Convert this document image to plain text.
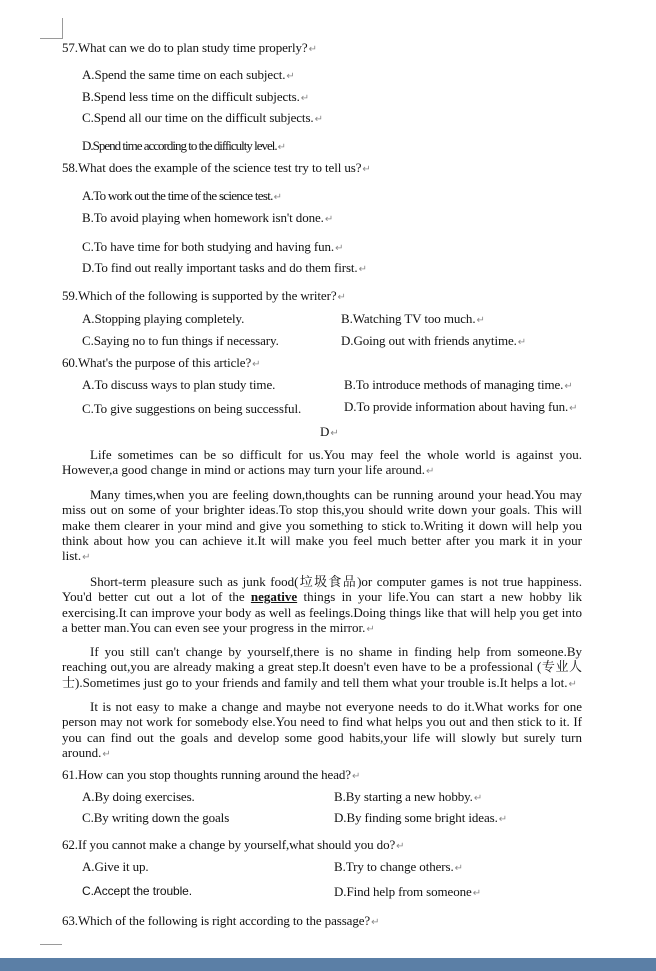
57.What can we do to plan study time properly?↵
A.Spend the same time on each subject.↵
B.Spend less time on the difficult subjects.↵
C.Spend all our time on the difficult subjects.↵
D.Spend time according to the difficulty level.↵
58.What does the example of the science test try to tell us?↵
A.To work out the time of the science test.↵
B.To avoid playing when homework isn't done.↵
C.To have time for both studying and having fun.↵
D.To find out really important tasks and do them first.↵
59.Which of the following is supported by the writer?↵
A.Stopping playing completely.	B.Watching TV too much.↵
C.Saying no to fun things if necessary.	D.Going out with friends anytime.↵
60.What's the purpose of this article?↵
A.To discuss ways to plan study time.	B.To introduce methods of managing time.↵
C.To give suggestions on being successful.	D.To provide information about having fun.↵
D↵
Life sometimes can be so difficult for us.You may feel the whole world is against you. However,a good change in mind or actions may turn your life around.↵
Many times,when you are feeling down,thoughts can be running around your head.You may miss out on some of your brighter ideas.To stop this,you should write down your goals. This will make them clearer in your mind and give you something to stick to.Writing it down will help you think about how you can achieve it.It will make you feel much better after you mark it in your list.↵
Short-term pleasure such as junk food(垃圾食品)or computer games is not true happiness. You'd better cut out a lot of the negative things in your life.You can start a new hobby lik exercising.It can improve your body as well as feelings.Doing things like that will help you get into a better man.You can even see your progress in the mirror.↵
If you still can't change by yourself,there is no shame in finding help from someone.By reaching out,you are already making a great step.It doesn't even have to be a professional (专业人士).Sometimes just go to your friends and family and tell them what your trouble is.It helps a lot.↵
It is not easy to make a change and maybe not everyone needs to do it.What works for one person may not work for somebody else.You need to find what helps you out and then stick to it. If you can find out the goals and develop some good habits,your life will slowly but surely turn around.↵
61.How can you stop thoughts running around the head?↵
A.By doing exercises.	B.By starting a new hobby.↵
C.By writing down the goals	D.By finding some bright ideas.↵
62.If you cannot make a change by yourself,what should you do?↵
A.Give it up.	B.Try to change others.↵
C.Accept the trouble.	D.Find help from someone↵
63.Which of the following is right according to the passage?↵
